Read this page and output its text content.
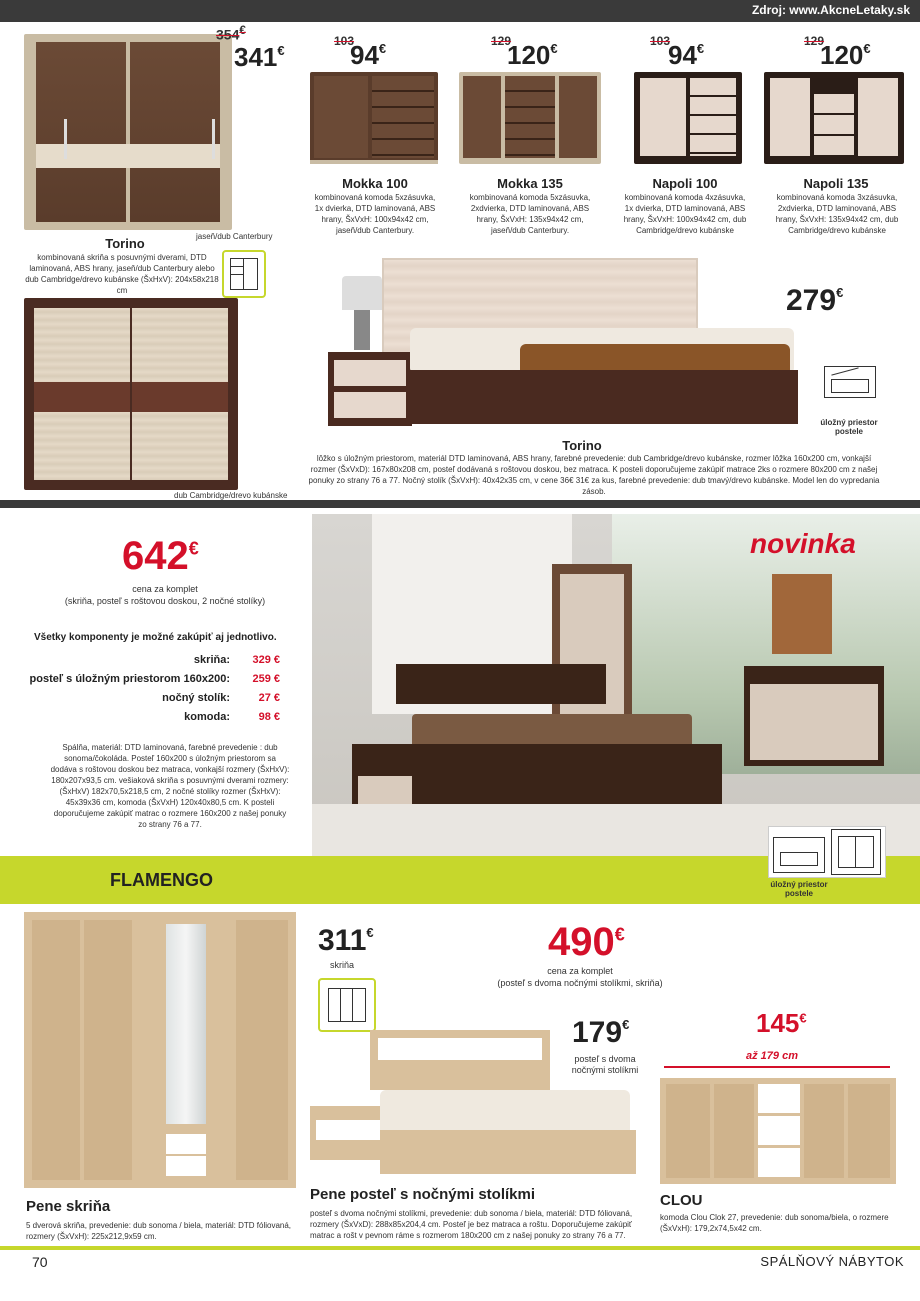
Zdroj: www.AkcneLetaky.sk
354€
341€
jaseň/dub Canterbury
Torino
kombinovaná skriňa s posuvnými dverami, DTD laminovaná, ABS hrany, jaseň/dub Canterbury alebo dub Cambridge/drevo kubánske (ŠxHxV): 204x58x218 cm
dub Cambridge/drevo kubánske
103
94€
Mokka 100
kombinovaná komoda 5xzásuvka, 1x dvierka, DTD laminovaná, ABS hrany, ŠxVxH: 100x94x42 cm, jaseň/dub Canterbury.
129
120€
Mokka 135
kombinovaná komoda 5xzásuvka, 2xdvierka, DTD laminovaná, ABS hrany, ŠxVxH: 135x94x42 cm, jaseň/dub Canterbury.
103
94€
Napoli 100
kombinovaná komoda 4xzásuvka, 1x dvierka, DTD laminovaná, ABS hrany, ŠxVxH: 100x94x42 cm, dub Cambridge/drevo kubánske
129
120€
Napoli 135
kombinovaná komoda 3xzásuvka, 2xdvierka, DTD laminovaná, ABS hrany, ŠxVxH: 135x94x42 cm, dub Cambridge/drevo kubánske
279€
úložný priestor postele
Torino
lôžko s úložným priestorom, materiál DTD laminovaná, ABS hrany, farebné prevedenie: dub Cambridge/drevo kubánske, rozmer lôžka 160x200 cm, vonkajší rozmer (ŠxVxD): 167x80x208 cm, posteľ dodávaná s roštovou doskou, bez matraca. K posteli doporučujeme zakúpiť matrace 2ks o rozmere 80x200 cm z našej ponuky zo strany 76 a 77. Nočný stolík (ŠxVxH): 40x42x35 cm, v cene 36€ 31€ za kus, farebné prevedenie: dub tmavý/drevo kubánske. Model len do vypredania zásob.
642€
cena za komplet
(skriňa, posteľ s roštovou doskou, 2 nočné stolíky)
Všetky komponenty je možné zakúpiť aj jednotlivo.
skriňa: 329 €
posteľ s úložným priestorom 160x200: 259 €
nočný stolík:	27 €
komoda:	98 €
Spálňa, materiál: DTD laminovaná, farebné prevedenie : dub sonoma/čokoláda. Posteľ 160x200 s úložným priestorom sa dodáva s roštovou doskou bez matraca, vonkajší rozmery (ŠxHxV): 180x207x93,5 cm. vešiaková skriňa s posuvnými dverami rozmery: (ŠxHxV) 182x70,5x218,5 cm, 2 nočné stolíky rozmer (ŠxHxV): 45x39x36 cm, komoda (ŠxVxH) 120x40x80,5 cm. K posteli doporučujeme zakúpiť matrac o rozmere 160x200 z našej ponuky zo strany 76 a 77.
novinka
FLAMENGO	úložný priestor postele
311€
skriňa
490€
cena za komplet
(posteľ s dvoma nočnými stolíkmi, skriňa)
179€
posteľ s dvoma nočnými stolíkmi
145€
až 179 cm
Pene skriňa
5 dverová skriňa, prevedenie: dub sonoma / biela, materiál: DTD fóliovaná, rozmery (ŠxVxH): 225x212,9x59 cm.
Pene posteľ s nočnými stolíkmi
posteľ s dvoma nočnými stolíkmi, prevedenie: dub sonoma / biela, materiál: DTD fóliovaná, rozmery (ŠxVxD): 288x85x204,4 cm. Posteľ je bez matraca a roštu. Doporučujeme zakúpiť matrac a rošt v pevnom ráme s rozmerom 180x200 cm z našej ponuky zo strany 76 a 77.
CLOU
komoda Clou Clok 27, prevedenie: dub sonoma/biela, o rozmere (ŠxVxH): 179,2x74,5x42 cm.
70	SPÁLŇOVÝ NÁBYTOK
